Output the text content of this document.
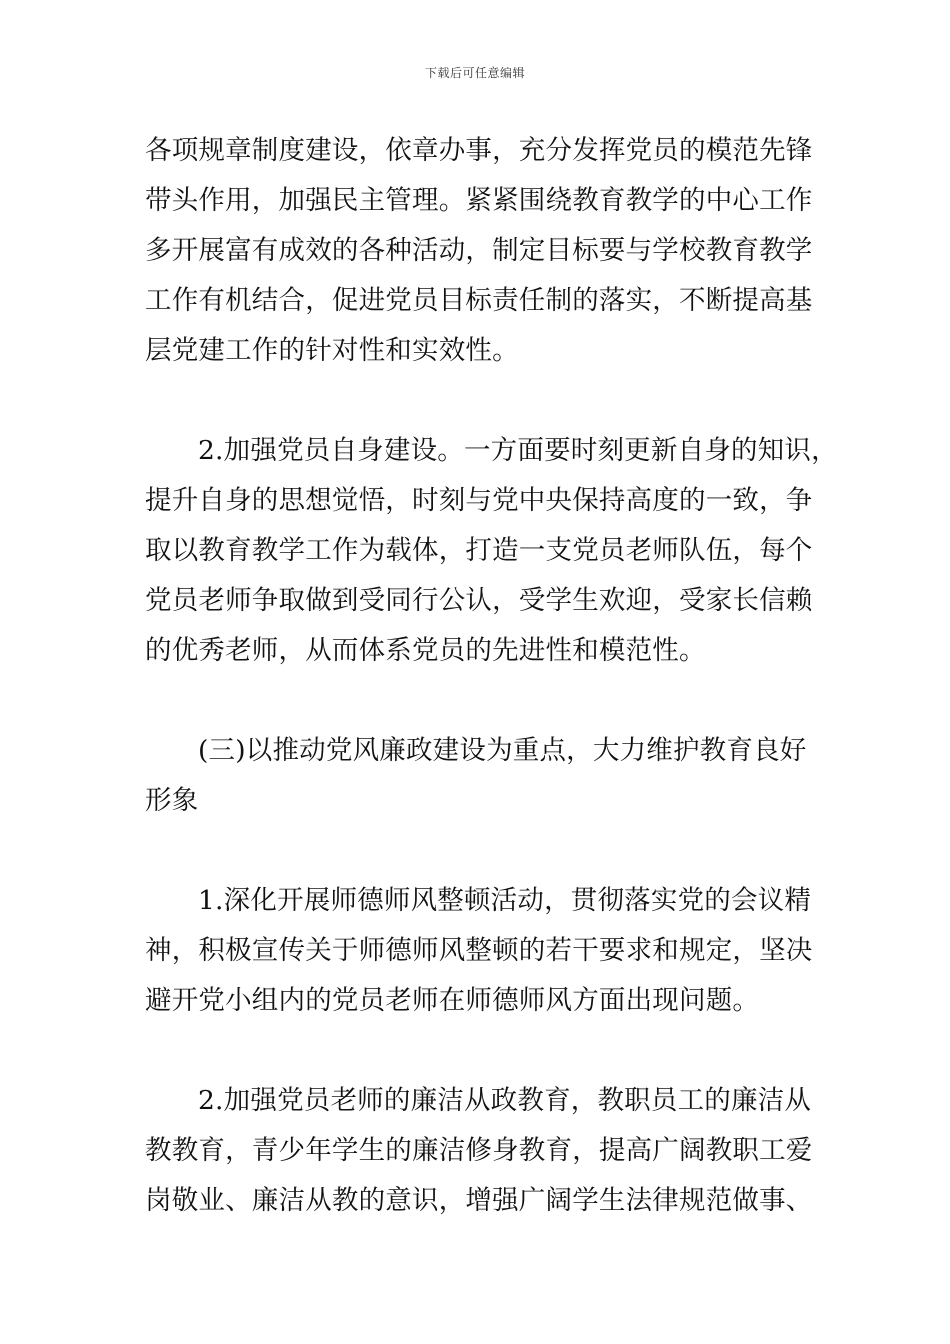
下载后可任意编辑
各项规章制度建设，依章办事，充分发挥党员的模范先锋
带头作用，加强民主管理。紧紧围绕教育教学的中心工作
多开展富有成效的各种活动，制定目标要与学校教育教学
工作有机结合，促进党员目标责任制的落实，不断提高基
层党建工作的针对性和实效性。
2.加强党员自身建设。一方面要时刻更新自身的知识，
提升自身的思想觉悟，时刻与党中央保持高度的一致，争
取以教育教学工作为载体，打造一支党员老师队伍，每个
党员老师争取做到受同行公认，受学生欢迎，受家长信赖
的优秀老师，从而体系党员的先进性和模范性。
(三)以推动党风廉政建设为重点，大力维护教育良好
形象
1.深化开展师德师风整顿活动，贯彻落实党的会议精
神，积极宣传关于师德师风整顿的若干要求和规定，坚决
避开党小组内的党员老师在师德师风方面出现问题。
2.加强党员老师的廉洁从政教育，教职员工的廉洁从
教教育，青少年学生的廉洁修身教育，提高广阔教职工爱
岗敬业、廉洁从教的意识，增强广阔学生法律规范做事、
